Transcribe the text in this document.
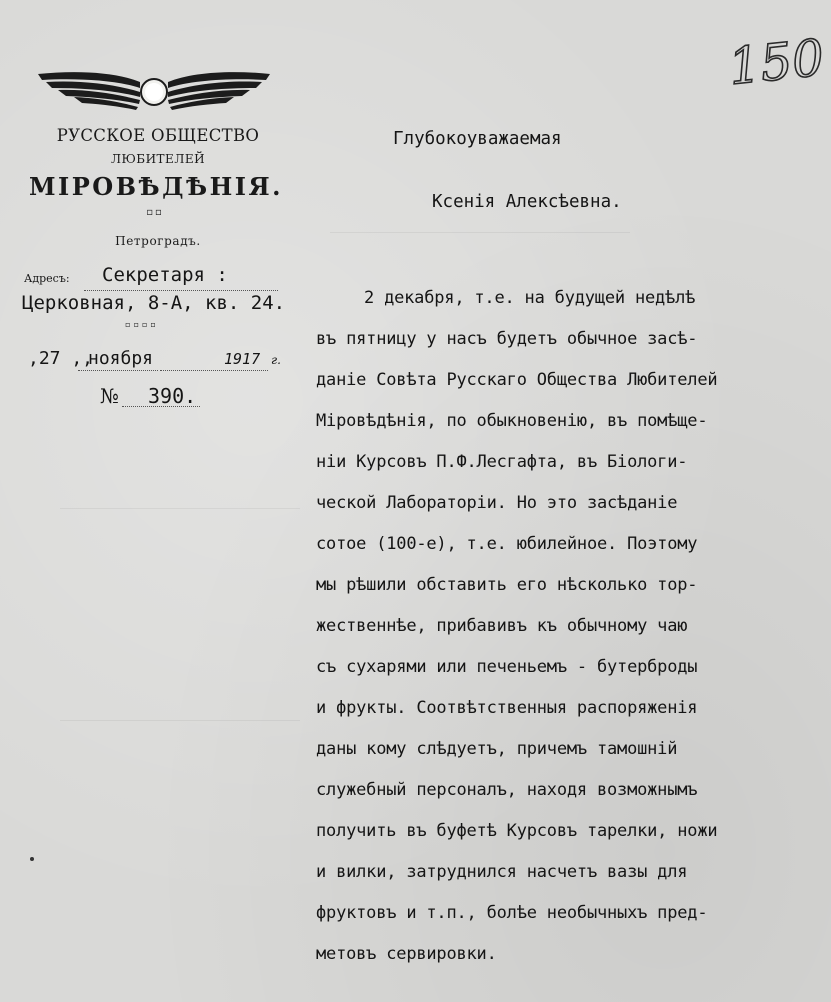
150
РУССКОЕ ОБЩЕСТВО
ЛЮБИТЕЛЕЙ
МІРОВѢДѢНІЯ.
▫▫
Петроградъ.
Адресъ: Секретаря :
Церковная, 8-А, кв. 24.
▫▫▫▫
,27 ,,
ноября	1917 г.
№ 390.
Глубокоуважаемая
Ксенія Алексѣевна.
2 декабря, т.е. на будущей недѣлѣ
въ пятницу у насъ будетъ обычное засѣ-
даніе Совѣта Русскаго Общества Любителей
Міровѣдѣнія, по обыкновенію, въ помѣще-
ніи Курсовъ П.Ф.Лесгафта, въ Біологи-
ческой Лабораторіи. Но это засѣданіе
сотое (100-е), т.е. юбилейное. Поэтому
мы рѣшили обставить его нѣсколько тор-
жественнѣе, прибавивъ къ обычному чаю
съ сухарями или печеньемъ - бутерброды
и фрукты. Соотвѣтственныя распоряженія
даны кому слѣдуетъ, причемъ тамошній
служебный персоналъ, находя возможнымъ
получить въ буфетѣ Курсовъ тарелки, ножи
и вилки, затруднился насчетъ вазы для
фруктовъ и т.п., болѣе необычныхъ пред-
метовъ сервировки.
